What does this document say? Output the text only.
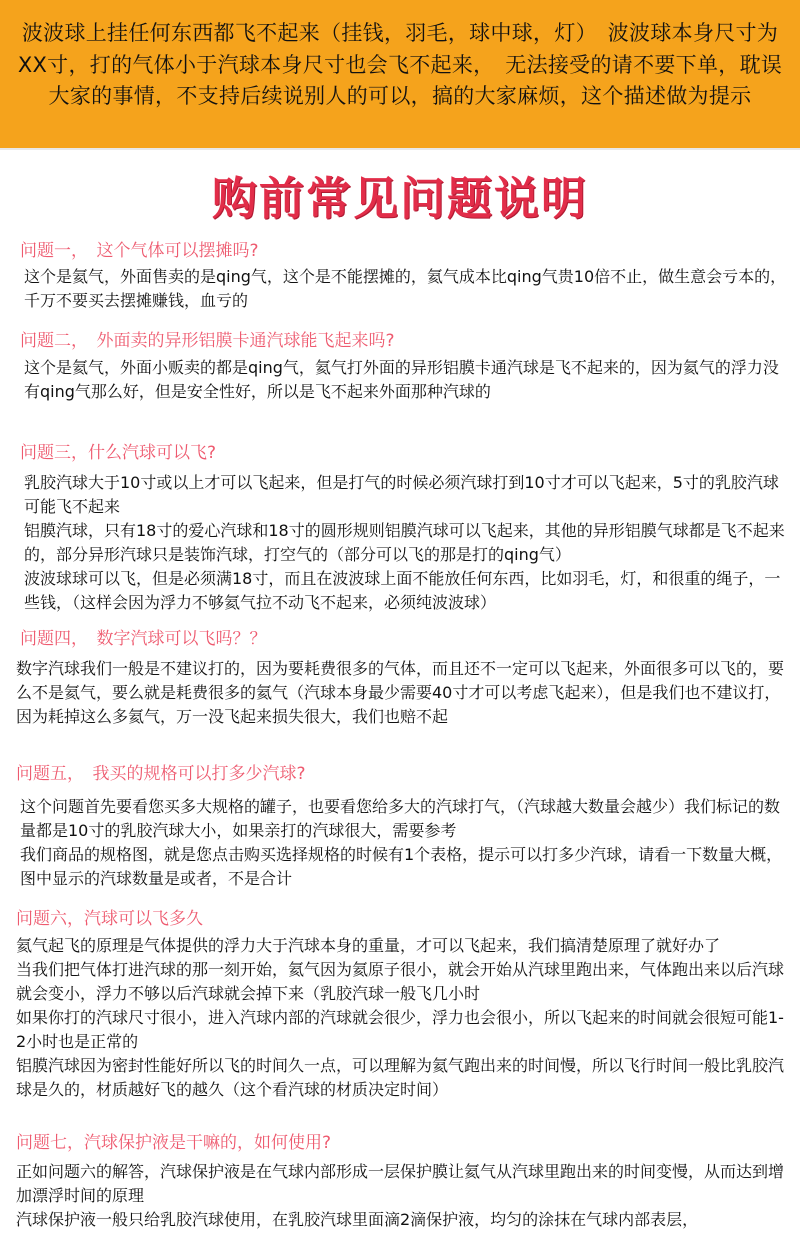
波波球上挂任何东西都飞不起来（挂钱，羽毛，球中球，灯）　波波球本身尺寸为XX寸，打的气体小于汽球本身尺寸也会飞不起来，　无法接受的请不要下单，耽误大家的事情，不支持后续说别人的可以，搞的大家麻烦，这个描述做为提示
购前常见问题说明
问题一，　这个气体可以摆摊吗?

这个是氦气，外面售卖的是qing气，这个是不能摆摊的，氦气成本比qing气贵10倍不止，做生意会亏本的，千万不要买去摆摊赚钱，血亏的

问题二，　外面卖的异形铝膜卡通汽球能飞起来吗?

这个是氦气，外面小贩卖的都是qing气，氦气打外面的异形铝膜卡通汽球是飞不起来的，因为氦气的浮力没有qing气那么好，但是安全性好，所以是飞不起来外面那种汽球的

问题三，什么汽球可以飞?

乳胶汽球大于10寸或以上才可以飞起来，但是打气的时候必须汽球打到10寸才可以飞起来，5寸的乳胶汽球可能飞不起来

铝膜汽球，只有18寸的爱心汽球和18寸的圆形规则铝膜汽球可以飞起来，其他的异形铝膜气球都是飞不起来的，部分异形汽球只是装饰汽球，打空气的（部分可以飞的那是打的qing气）

波波球球可以飞，但是必须满18寸，而且在波波球上面不能放任何东西，比如羽毛，灯，和很重的绳子，一些钱，（这样会因为浮力不够氦气拉不动飞不起来，必须纯波波球）

问题四，　数字汽球可以飞吗？？

数字汽球我们一般是不建议打的，因为要耗费很多的气体，而且还不一定可以飞起来，外面很多可以飞的，要么不是氦气，要么就是耗费很多的氦气（汽球本身最少需要40寸才可以考虑飞起来），但是我们也不建议打，因为耗掉这么多氦气，万一没飞起来损失很大，我们也赔不起

问题五，　我买的规格可以打多少汽球?

这个问题首先要看您买多大规格的罐子，也要看您给多大的汽球打气，（汽球越大数量会越少）我们标记的数量都是10寸的乳胶汽球大小，如果亲打的汽球很大，需要参考

我们商品的规格图，就是您点击购买选择规格的时候有1个表格，提示可以打多少汽球，请看一下数量大概，图中显示的汽球数量是或者，不是合计

问题六，汽球可以飞多久

氦气起飞的原理是气体提供的浮力大于汽球本身的重量，才可以飞起来，我们搞清楚原理了就好办了

当我们把气体打进汽球的那一刻开始，氦气因为氦原子很小，就会开始从汽球里跑出来，气体跑出来以后汽球就会变小，浮力不够以后汽球就会掉下来（乳胶汽球一般飞几小时

如果你打的汽球尺寸很小，进入汽球内部的汽球就会很少，浮力也会很小，所以飞起来的时间就会很短可能1-2小时也是正常的

铝膜汽球因为密封性能好所以飞的时间久一点，可以理解为氦气跑出来的时间慢，所以飞行时间一般比乳胶汽球是久的，材质越好飞的越久（这个看汽球的材质决定时间）

问题七，汽球保护液是干嘛的，如何使用?

正如问题六的解答，汽球保护液是在气球内部形成一层保护膜让氦气从汽球里跑出来的时间变慢，从而达到增加漂浮时间的原理

汽球保护液一般只给乳胶汽球使用，在乳胶汽球里面滴2滴保护液，均匀的涂抹在气球内部表层，
